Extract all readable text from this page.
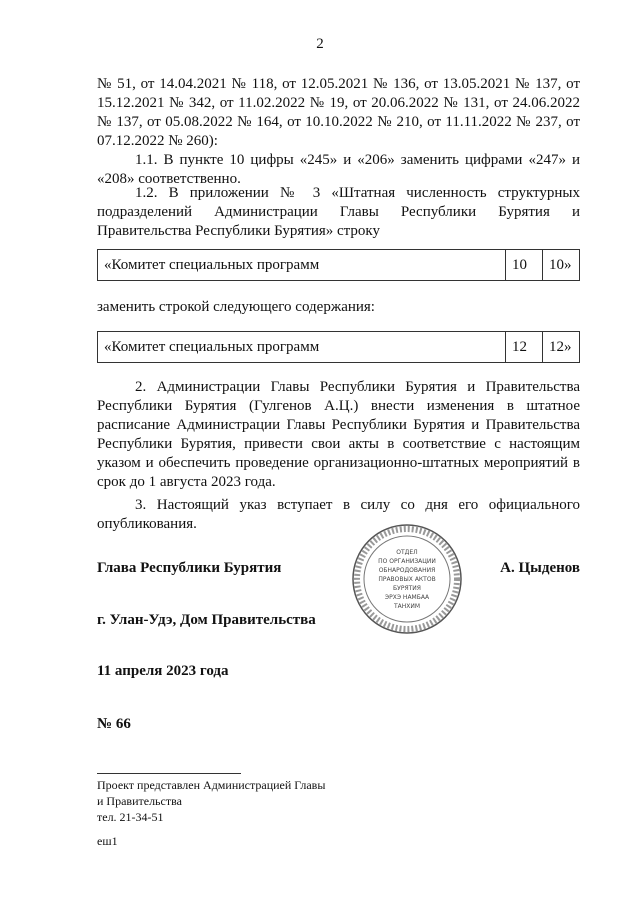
2
№ 51, от 14.04.2021 № 118, от 12.05.2021 № 136, от 13.05.2021 № 137, от 15.12.2021 № 342, от 11.02.2022 № 19, от 20.06.2022 № 131, от 24.06.2022 № 137, от 05.08.2022 № 164, от 10.10.2022 № 210, от 11.11.2022 № 237, от 07.12.2022 № 260):
1.1. В пункте 10 цифры «245» и «206» заменить цифрами «247» и «208» соответственно.
1.2. В приложении № 3 «Штатная численность структурных подразделений Администрации Главы Республики Бурятия и Правительства Республики Бурятия» строку
«Комитет специальных программ	10	10»
заменить строкой следующего содержания:
«Комитет специальных программ	12	12»
2. Администрации Главы Республики Бурятия и Правительства Республики Бурятия (Гулгенов А.Ц.) внести изменения в штатное расписание Администрации Главы Республики Бурятия и Правительства Республики Бурятия, привести свои акты в соответствие с настоящим указом и обеспечить проведение организационно-штатных мероприятий в срок до 1 августа 2023 года.
3. Настоящий указ вступает в силу со дня его официального опубликования.
Глава Республики Бурятия	А. Цыденов
ОТДЕЛ
ПО ОРГАНИЗАЦИИ
ОБНАРОДОВАНИЯ
ПРАВОВЫХ АКТОВ
БУРЯТИЯ
ЭРХЭ НАМБАА
ТАНХИМ
г. Улан-Удэ, Дом Правительства
11 апреля 2023 года
№ 66
Проект представлен Администрацией Главы
и Правительства
тел. 21-34-51
еш1
